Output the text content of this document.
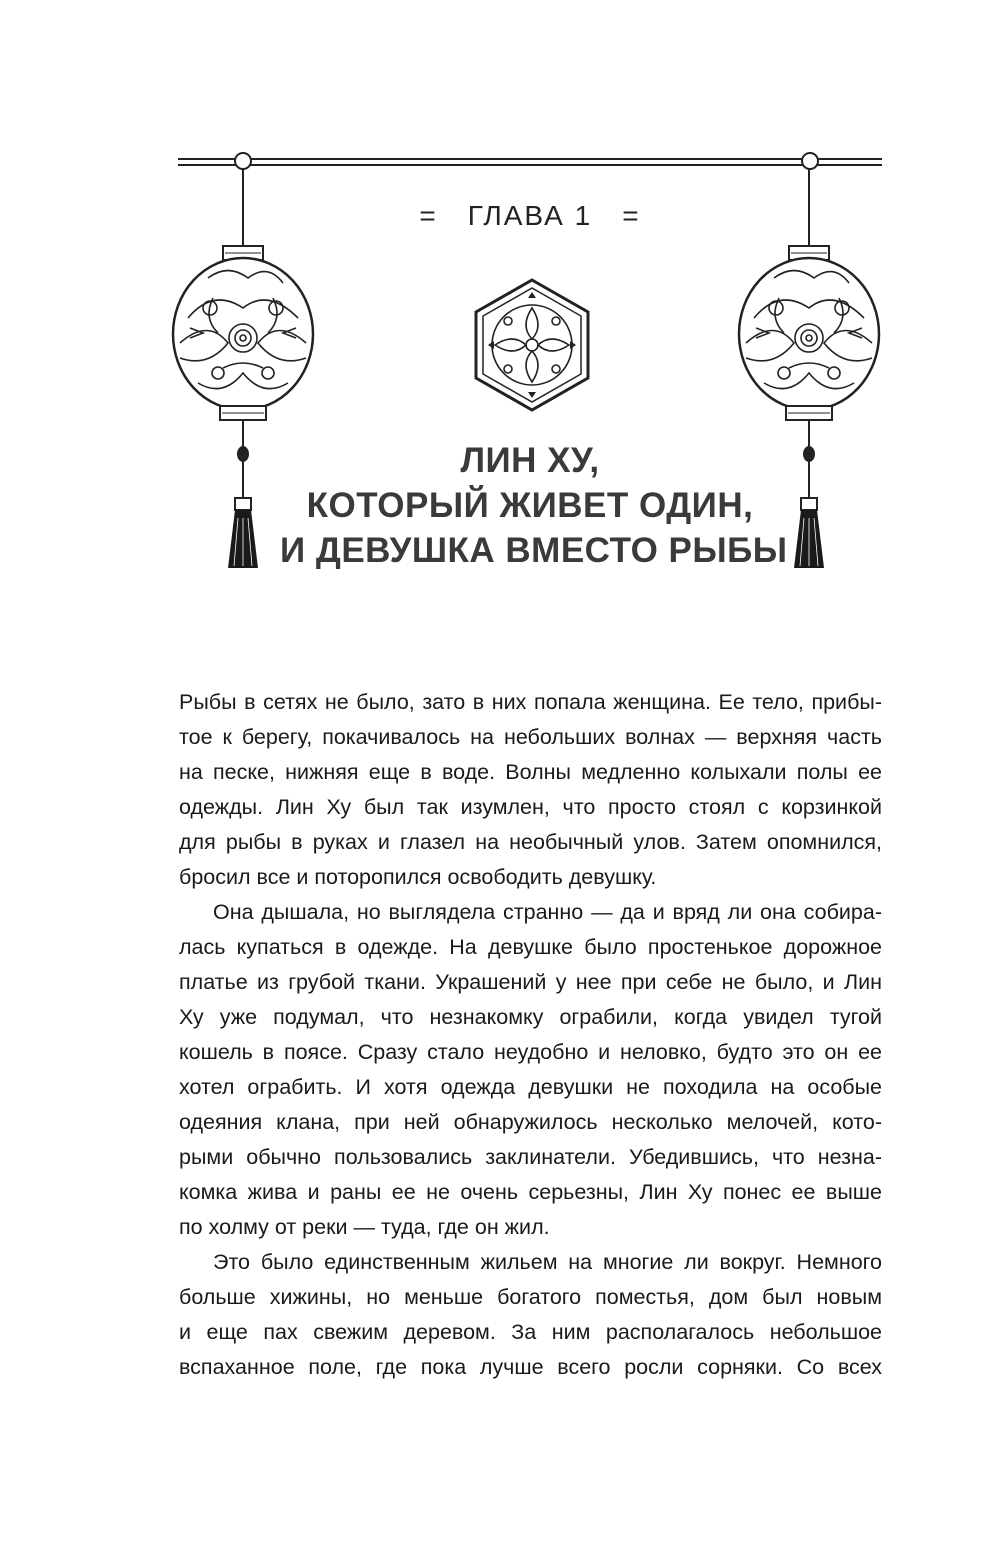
= ГЛАВА 1 =
ЛИН ХУ,
КОТОРЫЙ ЖИВЕТ ОДИН,
И ДЕВУШКА ВМЕСТО РЫБЫ
Рыбы в сетях не было, зато в них попала женщина. Ее тело, прибы-
тое к берегу, покачивалось на небольших волнах — верхняя часть
на песке, нижняя еще в воде. Волны медленно колыхали полы ее
одежды. Лин Ху был так изумлен, что просто стоял с корзинкой
для рыбы в руках и глазел на необычный улов. Затем опомнился,
бросил все и поторопился освободить девушку.
Она дышала, но выглядела странно — да и вряд ли она собира-
лась купаться в одежде. На девушке было простенькое дорожное
платье из грубой ткани. Украшений у нее при себе не было, и Лин
Ху уже подумал, что незнакомку ограбили, когда увидел тугой
кошель в поясе. Сразу стало неудобно и неловко, будто это он ее
хотел ограбить. И хотя одежда девушки не походила на особые
одеяния клана, при ней обнаружилось несколько мелочей, кото-
рыми обычно пользовались заклинатели. Убедившись, что незна-
комка жива и раны ее не очень серьезны, Лин Ху понес ее выше
по холму от реки — туда, где он жил.
Это было единственным жильем на многие ли вокруг. Немного
больше хижины, но меньше богатого поместья, дом был новым
и еще пах свежим деревом. За ним располагалось небольшое
вспаханное поле, где пока лучше всего росли сорняки. Со всех
